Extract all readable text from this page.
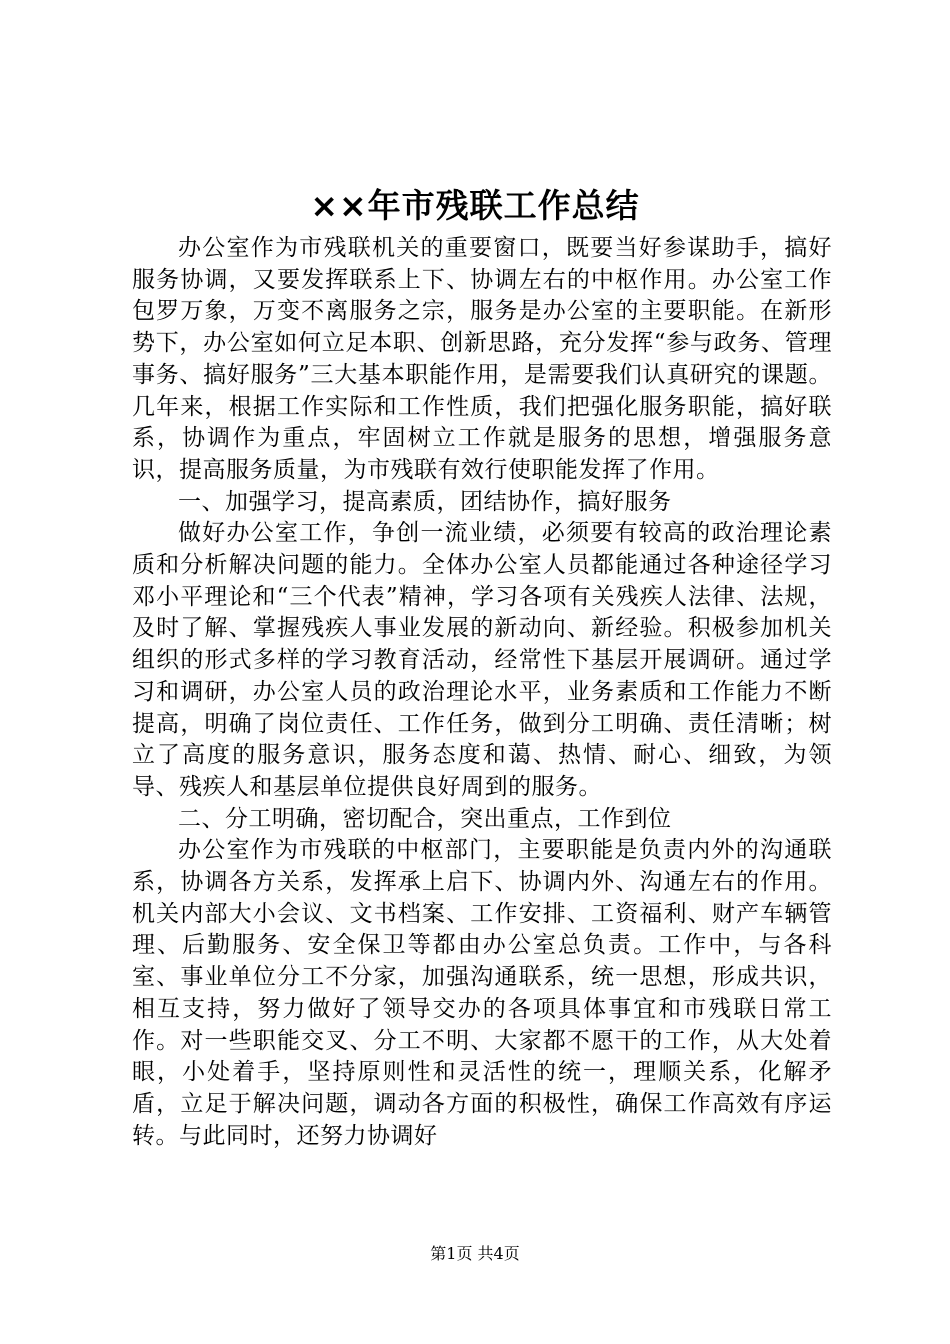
××年市残联工作总结

办公室作为市残联机关的重要窗口，既要当好参谋助手，搞好服务协调，又要发挥联系上下、协调左右的中枢作用。办公室工作包罗万象，万变不离服务之宗，服务是办公室的主要职能。在新形势下，办公室如何立足本职、创新思路，充分发挥“参与政务、管理事务、搞好服务”三大基本职能作用，是需要我们认真研究的课题。几年来，根据工作实际和工作性质，我们把强化服务职能，搞好联系，协调作为重点，牢固树立工作就是服务的思想，增强服务意识，提高服务质量，为市残联有效行使职能发挥了作用。

一、加强学习，提高素质，团结协作，搞好服务

做好办公室工作，争创一流业绩，必须要有较高的政治理论素质和分析解决问题的能力。全体办公室人员都能通过各种途径学习邓小平理论和“三个代表”精神，学习各项有关残疾人法律、法规，及时了解、掌握残疾人事业发展的新动向、新经验。积极参加机关组织的形式多样的学习教育活动，经常性下基层开展调研。通过学习和调研，办公室人员的政治理论水平，业务素质和工作能力不断提高，明确了岗位责任、工作任务，做到分工明确、责任清晰；树立了高度的服务意识，服务态度和蔼、热情、耐心、细致，为领导、残疾人和基层单位提供良好周到的服务。

二、分工明确，密切配合，突出重点，工作到位

办公室作为市残联的中枢部门，主要职能是负责内外的沟通联系，协调各方关系，发挥承上启下、协调内外、沟通左右的作用。机关内部大小会议、文书档案、工作安排、工资福利、财产车辆管理、后勤服务、安全保卫等都由办公室总负责。工作中，与各科室、事业单位分工不分家，加强沟通联系，统一思想，形成共识，相互支持，努力做好了领导交办的各项具体事宜和市残联日常工作。对一些职能交叉、分工不明、大家都不愿干的工作，从大处着眼，小处着手，坚持原则性和灵活性的统一，理顺关系，化解矛盾，立足于解决问题，调动各方面的积极性，确保工作高效有序运转。与此同时，还努力协调好

第1页 共4页
